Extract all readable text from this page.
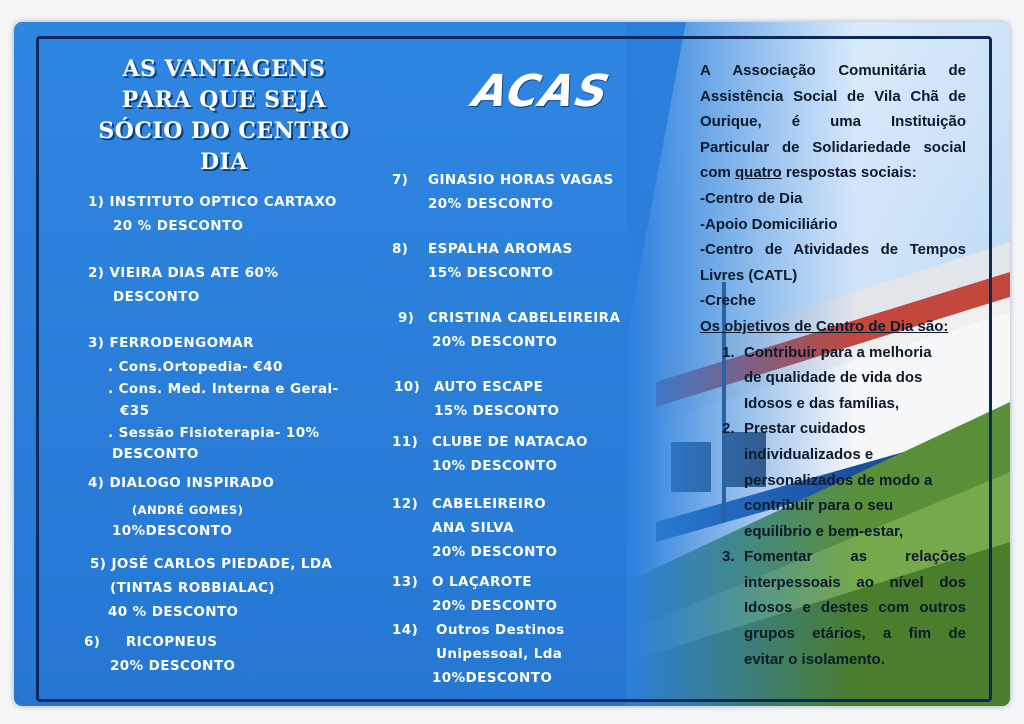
AS VANTAGENS
PARA QUE SEJA
SÓCIO DO CENTRO
DIA
ACAS
1) INSTITUTO OPTICO CARTAXO
20 % DESCONTO
2) VIEIRA DIAS ATE 60%
DESCONTO
3) FERRODENGOMAR
. Cons.Ortopedia- €40
. Cons. Med. Interna e Geral-
€35
. Sessão Fisioterapia- 10%
DESCONTO
4) DIALOGO INSPIRADO
(ANDRÉ GOMES)
10%DESCONTO
5) JOSÉ CARLOS PIEDADE, LDA
(TINTAS ROBBIALAC)
40 % DESCONTO
6)     RICOPNEUS
20% DESCONTO
7) GINASIO HORAS VAGAS
20% DESCONTO
8) ESPALHA AROMAS
15% DESCONTO
9) CRISTINA CABELEIREIRA
20% DESCONTO
10) AUTO ESCAPE
15% DESCONTO
11) CLUBE DE NATACAO
10% DESCONTO
12) CABELEIREIRO
ANA SILVA
20% DESCONTO
13) O LAÇAROTE
20% DESCONTO
14) Outros Destinos
Unipessoal, Lda
10%DESCONTO
A Associação Comunitária de
Assistência Social de Vila Chã de
Ourique, é uma Instituição
Particular de Solidariedade social
com quatro respostas sociais:
-Centro de Dia
-Apoio Domiciliário
-Centro de Atividades de Tempos
Livres (CATL)
-Creche
Os objetivos de Centro de Dia são:
1. Contribuir para a melhoria
de qualidade de vida dos
Idosos e das famílias,
2. Prestar cuidados
individualizados e
personalizados de modo a
contribuir para o seu
equilíbrio e bem-estar,
3. Fomentar as relações
interpessoais ao nível dos
Idosos e destes com outros
grupos etários, a fim de
evitar o isolamento.
